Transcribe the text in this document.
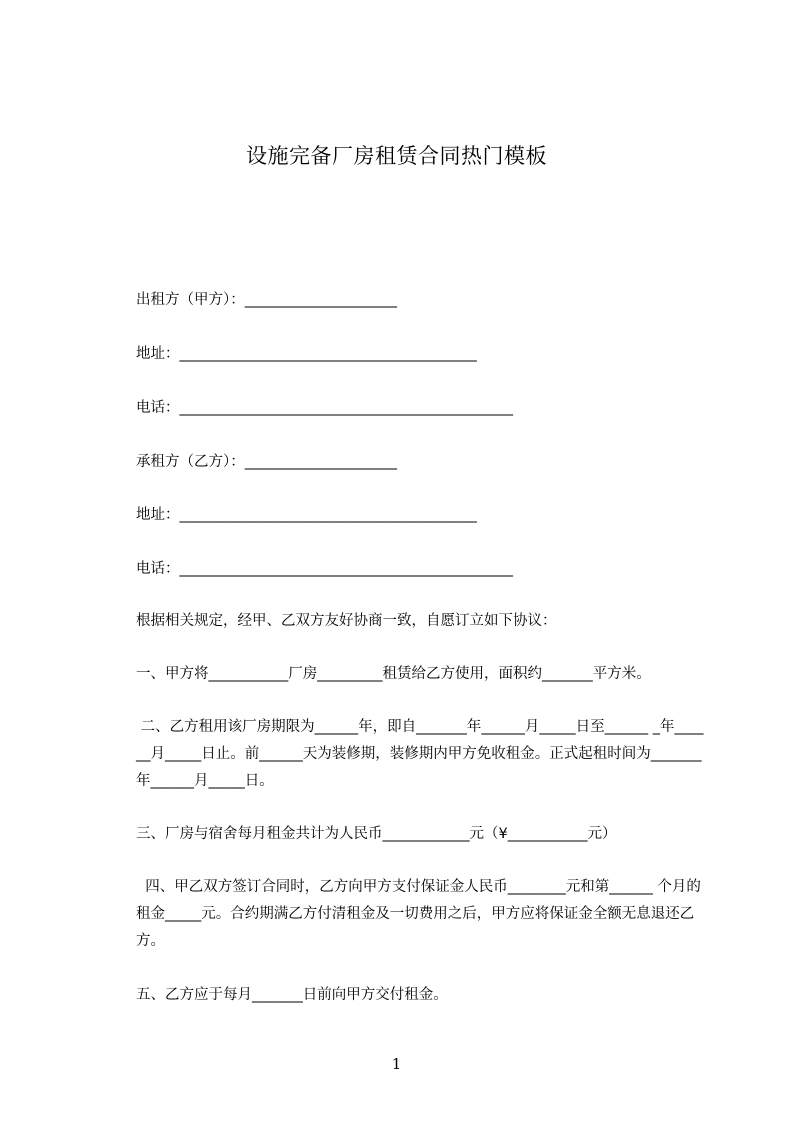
设施完备厂房租赁合同热门模板
出租方（甲方）：_____________________
地址：_________________________________________
电话：______________________________________________
承租方（乙方）：_____________________
地址：_________________________________________
电话：______________________________________________
根据相关规定，经甲、乙双方友好协商一致，自愿订立如下协议：
一、甲方将___________厂房_________租赁给乙方使用，面积约_______平方米。
二、乙方租用该厂房期限为______年，即自_______年______月_____日至______ _年______月_____日止。前______天为装修期，装修期内甲方免收租金。正式起租时间为_______年______月_____日。
三、厂房与宿舍每月租金共计为人民币____________元（¥___________元）
四、甲乙双方签订合同时，乙方向甲方支付保证金人民币________元和第______ 个月的租金_____元。合约期满乙方付清租金及一切费用之后，甲方应将保证金全额无息退还乙方。
五、乙方应于每月_______日前向甲方交付租金。
1
